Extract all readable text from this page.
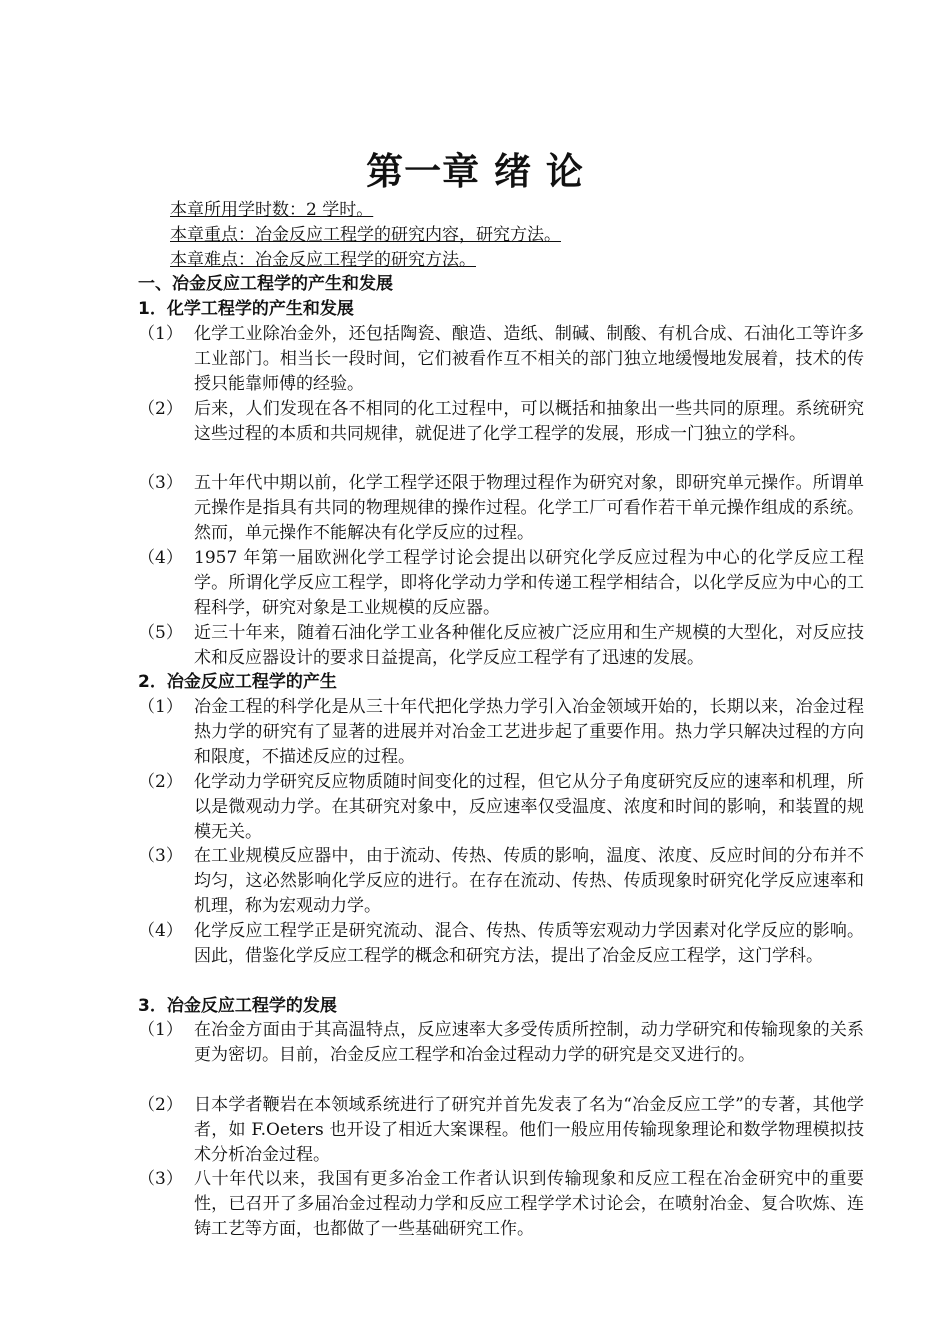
第一章 绪 论
本章所用学时数：2 学时。
本章重点：冶金反应工程学的研究内容，研究方法。
本章难点：冶金反应工程学的研究方法。
一、冶金反应工程学的产生和发展
1．化学工程学的产生和发展
（1） 化学工业除冶金外，还包括陶瓷、酿造、造纸、制碱、制酸、有机合成、石油化工等许多工业部门。相当长一段时间，它们被看作互不相关的部门独立地缓慢地发展着，技术的传授只能靠师傅的经验。
（2） 后来，人们发现在各不相同的化工过程中，可以概括和抽象出一些共同的原理。系统研究这些过程的本质和共同规律，就促进了化学工程学的发展，形成一门独立的学科。
（3） 五十年代中期以前，化学工程学还限于物理过程作为研究对象，即研究单元操作。所谓单元操作是指具有共同的物理规律的操作过程。化学工厂可看作若干单元操作组成的系统。然而，单元操作不能解决有化学反应的过程。
（4） 1957 年第一届欧洲化学工程学讨论会提出以研究化学反应过程为中心的化学反应工程学。所谓化学反应工程学，即将化学动力学和传递工程学相结合，以化学反应为中心的工程科学，研究对象是工业规模的反应器。
（5） 近三十年来，随着石油化学工业各种催化反应被广泛应用和生产规模的大型化，对反应技术和反应器设计的要求日益提高，化学反应工程学有了迅速的发展。
2．冶金反应工程学的产生
（1） 冶金工程的科学化是从三十年代把化学热力学引入冶金领域开始的，长期以来，冶金过程热力学的研究有了显著的进展并对冶金工艺进步起了重要作用。热力学只解决过程的方向和限度，不描述反应的过程。
（2） 化学动力学研究反应物质随时间变化的过程，但它从分子角度研究反应的速率和机理，所以是微观动力学。在其研究对象中，反应速率仅受温度、浓度和时间的影响，和装置的规模无关。
（3） 在工业规模反应器中，由于流动、传热、传质的影响，温度、浓度、反应时间的分布并不均匀，这必然影响化学反应的进行。在存在流动、传热、传质现象时研究化学反应速率和机理，称为宏观动力学。
（4） 化学反应工程学正是研究流动、混合、传热、传质等宏观动力学因素对化学反应的影响。因此，借鉴化学反应工程学的概念和研究方法，提出了冶金反应工程学，这门学科。
3．冶金反应工程学的发展
（1） 在冶金方面由于其高温特点，反应速率大多受传质所控制，动力学研究和传输现象的关系更为密切。目前，冶金反应工程学和冶金过程动力学的研究是交叉进行的。
（2） 日本学者鞭岩在本领域系统进行了研究并首先发表了名为“冶金反应工学”的专著，其他学者，如 F.Oeters 也开设了相近大案课程。他们一般应用传输现象理论和数学物理模拟技术分析冶金过程。
（3） 八十年代以来，我国有更多冶金工作者认识到传输现象和反应工程在冶金研究中的重要性，已召开了多届冶金过程动力学和反应工程学学术讨论会，在喷射冶金、复合吹炼、连铸工艺等方面，也都做了一些基础研究工作。
